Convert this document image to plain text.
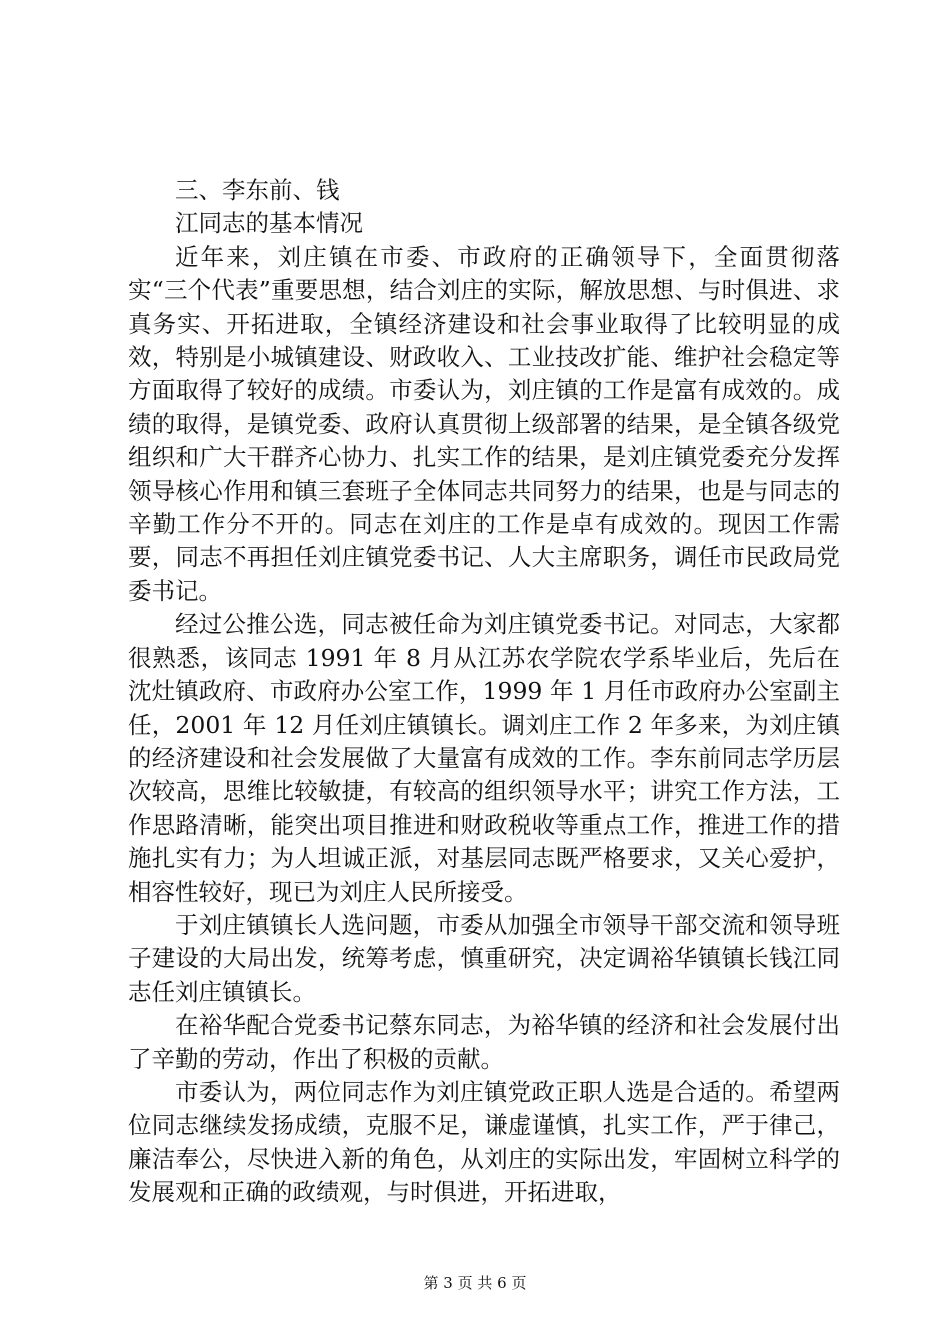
三、李东前、钱

江同志的基本情况

近年来，刘庄镇在市委、市政府的正确领导下，全面贯彻落实“三个代表”重要思想，结合刘庄的实际，解放思想、与时俱进、求真务实、开拓进取，全镇经济建设和社会事业取得了比较明显的成效，特别是小城镇建设、财政收入、工业技改扩能、维护社会稳定等方面取得了较好的成绩。市委认为，刘庄镇的工作是富有成效的。成绩的取得，是镇党委、政府认真贯彻上级部署的结果，是全镇各级党组织和广大干群齐心协力、扎实工作的结果，是刘庄镇党委充分发挥领导核心作用和镇三套班子全体同志共同努力的结果，也是与同志的辛勤工作分不开的。同志在刘庄的工作是卓有成效的。现因工作需要，同志不再担任刘庄镇党委书记、人大主席职务，调任市民政局党委书记。

经过公推公选，同志被任命为刘庄镇党委书记。对同志，大家都很熟悉，该同志 1991 年 8 月从江苏农学院农学系毕业后，先后在沈灶镇政府、市政府办公室工作，1999 年 1 月任市政府办公室副主任，2001 年 12 月任刘庄镇镇长。调刘庄工作 2 年多来，为刘庄镇的经济建设和社会发展做了大量富有成效的工作。李东前同志学历层次较高，思维比较敏捷，有较高的组织领导水平；讲究工作方法，工作思路清晰，能突出项目推进和财政税收等重点工作，推进工作的措施扎实有力；为人坦诚正派，对基层同志既严格要求，又关心爱护，相容性较好，现已为刘庄人民所接受。

于刘庄镇镇长人选问题，市委从加强全市领导干部交流和领导班子建设的大局出发，统筹考虑，慎重研究，决定调裕华镇镇长钱江同志任刘庄镇镇长。

在裕华配合党委书记蔡东同志，为裕华镇的经济和社会发展付出了辛勤的劳动，作出了积极的贡献。

市委认为，两位同志作为刘庄镇党政正职人选是合适的。希望两位同志继续发扬成绩，克服不足，谦虚谨慎，扎实工作，严于律己，廉洁奉公，尽快进入新的角色，从刘庄的实际出发，牢固树立科学的发展观和正确的政绩观，与时俱进，开拓进取，

第 3 页 共 6 页
